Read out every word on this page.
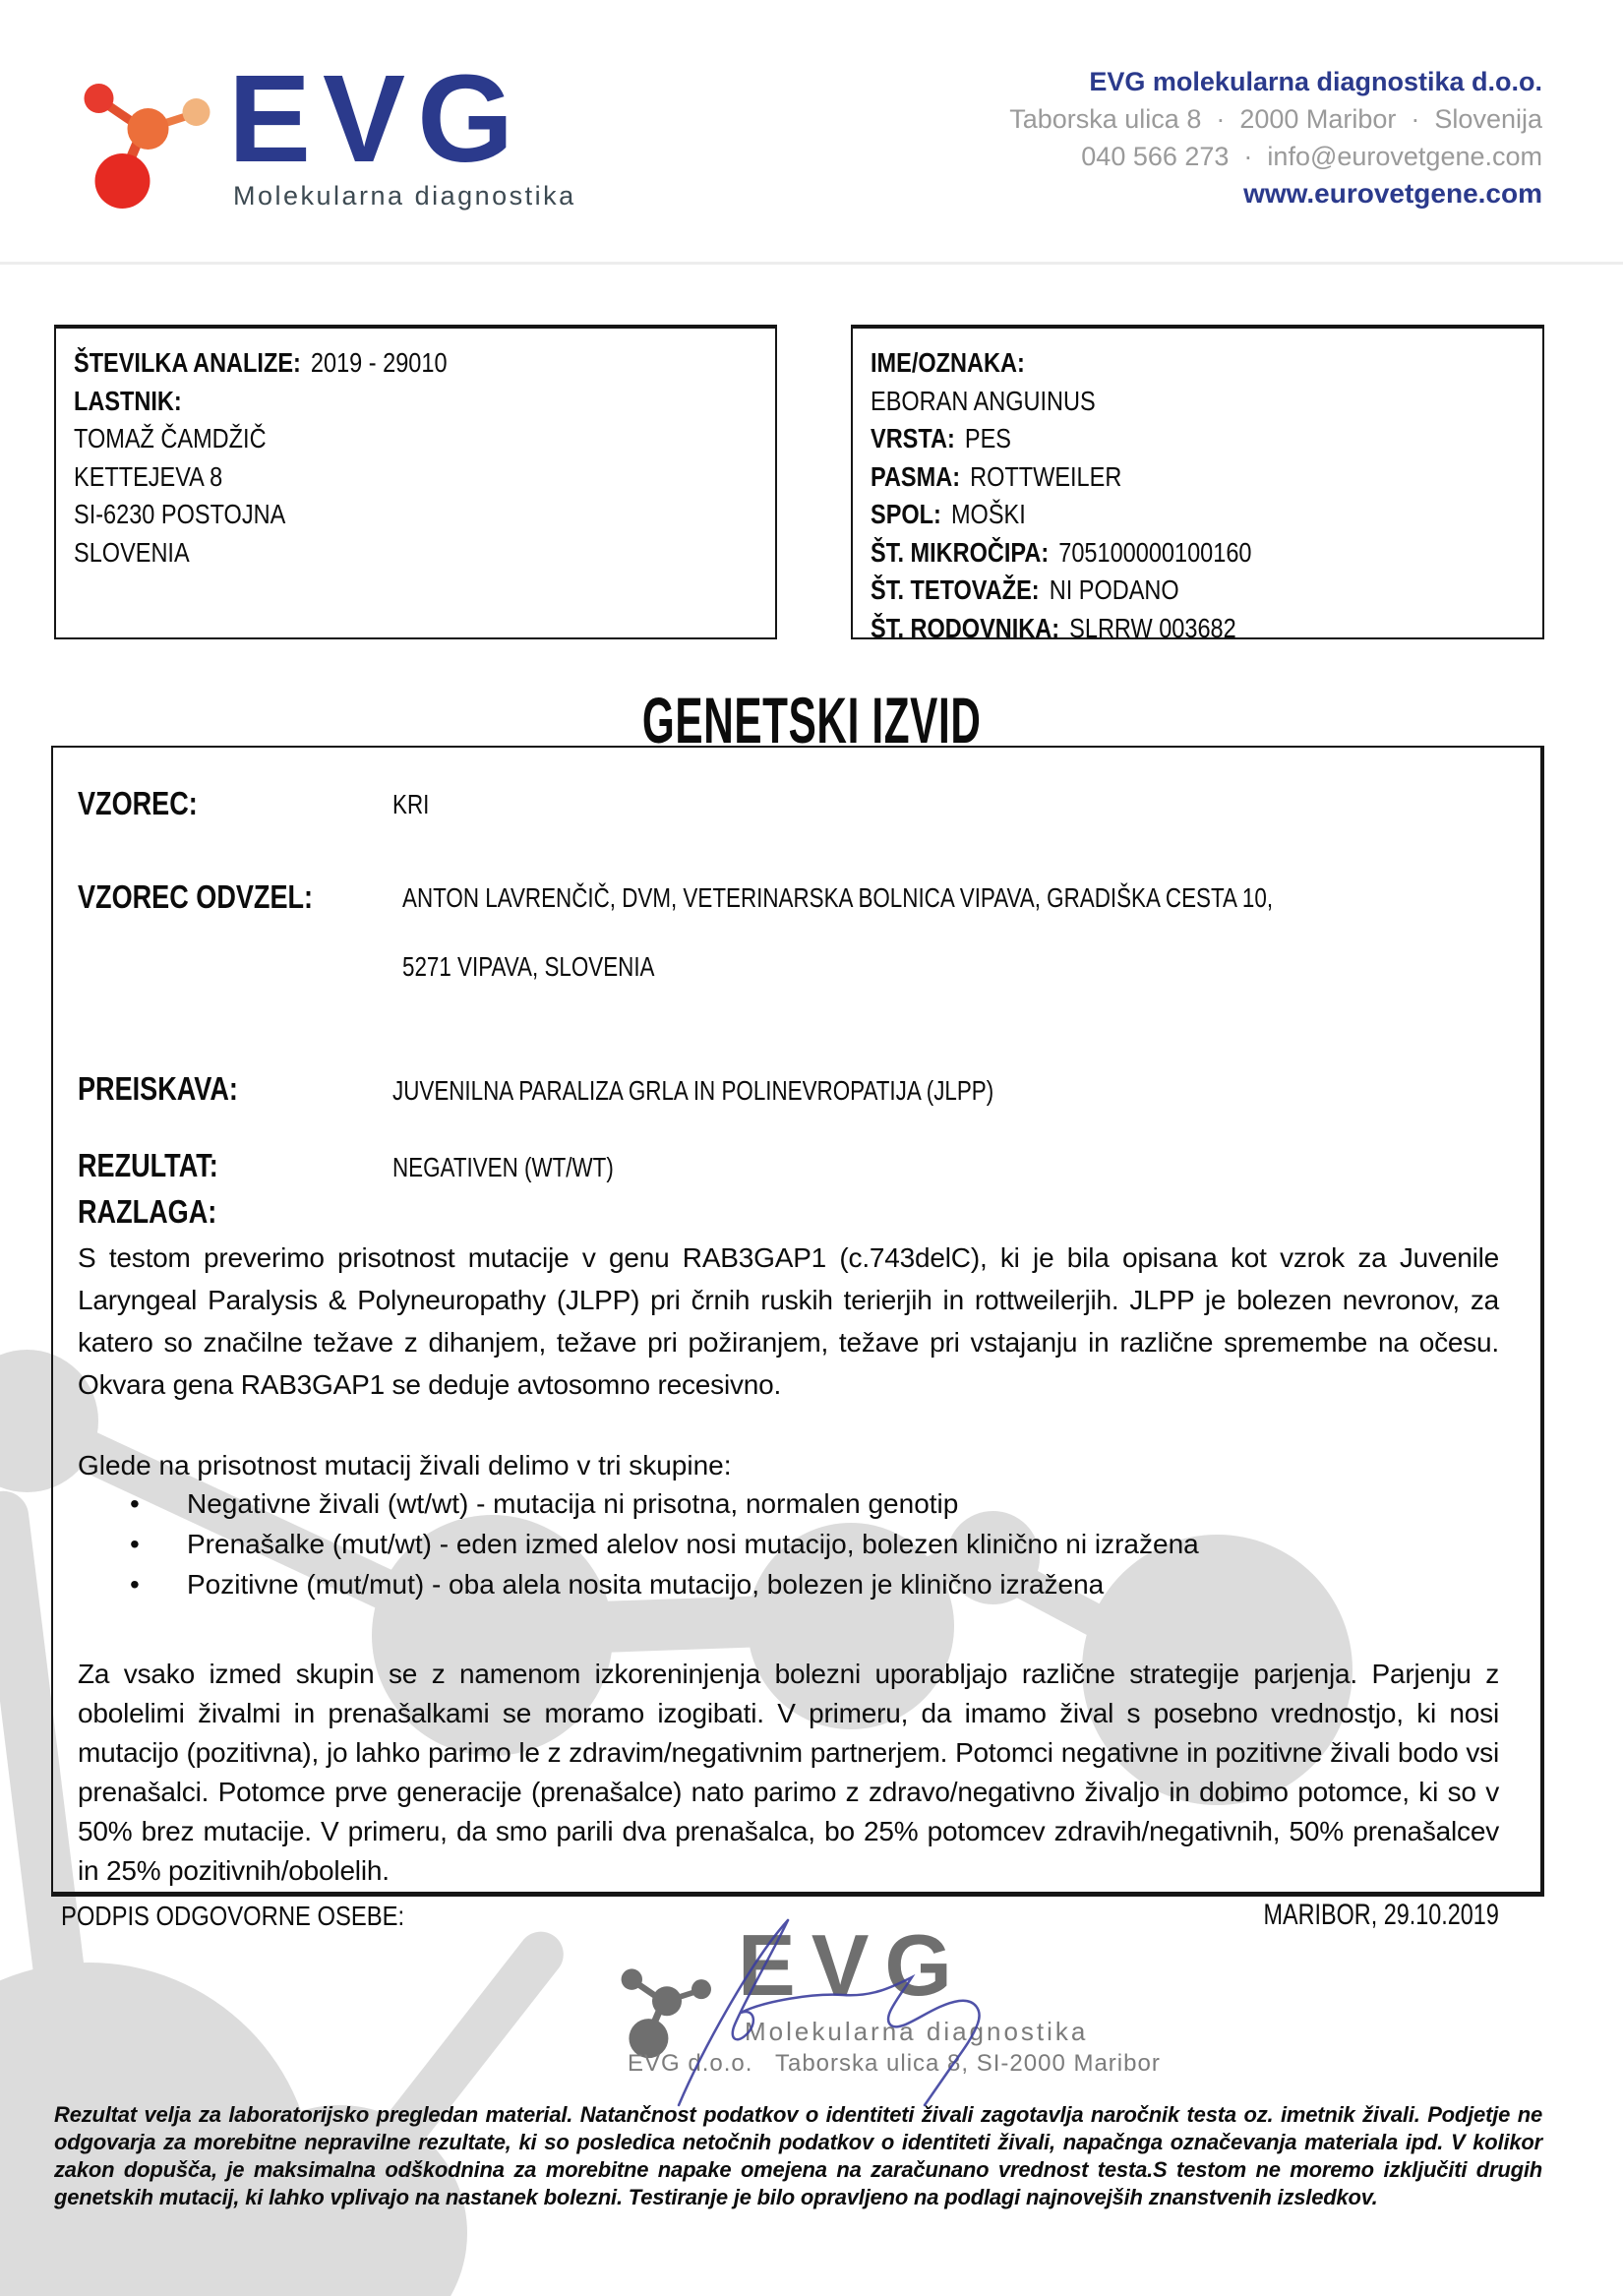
EVG
Molekularna diagnostika
EVG molekularna diagnostika d.o.o.
Taborska ulica 8  ·  2000 Maribor  ·  Slovenija
040 566 273  ·  info@eurovetgene.com
www.eurovetgene.com
ŠTEVILKA ANALIZE: 2019 - 29010
LASTNIK:
TOMAŽ ČAMDŽIČ
KETTEJEVA 8
SI-6230 POSTOJNA
SLOVENIA
IME/OZNAKA:
EBORAN ANGUINUS
VRSTA: PES
PASMA: ROTTWEILER
SPOL: MOŠKI
ŠT. MIKROČIPA: 705100000100160
ŠT. TETOVAŽE: NI PODANO
ŠT. RODOVNIKA: SLRRW 003682
GENETSKI IZVID
VZOREC:	KRI
VZOREC ODVZEL:	ANTON LAVRENČIČ, DVM, VETERINARSKA BOLNICA VIPAVA, GRADIŠKA CESTA 10,
5271 VIPAVA, SLOVENIA
PREISKAVA:	JUVENILNA PARALIZA GRLA IN POLINEVROPATIJA (JLPP)
REZULTAT:	NEGATIVEN (WT/WT)
RAZLAGA:
S testom preverimo prisotnost mutacije v genu RAB3GAP1 (c.743delC), ki je bila opisana kot vzrok za Juvenile Laryngeal Paralysis & Polyneuropathy (JLPP) pri črnih ruskih terierjih in rottweilerjih. JLPP je bolezen nevronov, za katero so značilne težave z dihanjem, težave pri požiranjem, težave pri vstajanju in različne spremembe na očesu. Okvara gena RAB3GAP1 se deduje avtosomno recesivno.
Glede na prisotnost mutacij živali delimo v tri skupine:
• Negativne živali (wt/wt) - mutacija ni prisotna, normalen genotip
• Prenašalke (mut/wt) - eden izmed alelov nosi mutacijo, bolezen klinično ni izražena
• Pozitivne (mut/mut) - oba alela nosita mutacijo, bolezen je klinično izražena
Za vsako izmed skupin se z namenom izkoreninjenja bolezni uporabljajo različne strategije parjenja. Parjenju z obolelimi živalmi in prenašalkami se moramo izogibati. V primeru, da imamo žival s posebno vrednostjo, ki nosi mutacijo (pozitivna), jo lahko parimo le z zdravim/negativnim partnerjem. Potomci negativne in pozitivne živali bodo vsi prenašalci. Potomce prve generacije (prenašalce) nato parimo z zdravo/negativno živaljo in dobimo potomce, ki so v 50% brez mutacije. V primeru, da smo parili dva prenašalca, bo 25% potomcev zdravih/negativnih, 50% prenašalcev in 25% pozitivnih/obolelih.
PODPIS ODGOVORNE OSEBE:	MARIBOR, 29.10.2019
EVG
Molekularna diagnostika
EVG d.o.o.   Taborska ulica 8, SI-2000 Maribor
Rezultat velja za laboratorijsko pregledan material. Natančnost podatkov o identiteti živali zagotavlja naročnik testa oz. imetnik živali. Podjetje ne odgovarja za morebitne nepravilne rezultate, ki so posledica netočnih podatkov o identiteti živali, napačnga označevanja materiala ipd. V kolikor zakon dopušča, je maksimalna odškodnina za morebitne napake omejena na zaračunano vrednost testa.S testom ne moremo izključiti drugih genetskih mutacij, ki lahko vplivajo na nastanek bolezni. Testiranje je bilo opravljeno na podlagi najnovejših znanstvenih izsledkov.
